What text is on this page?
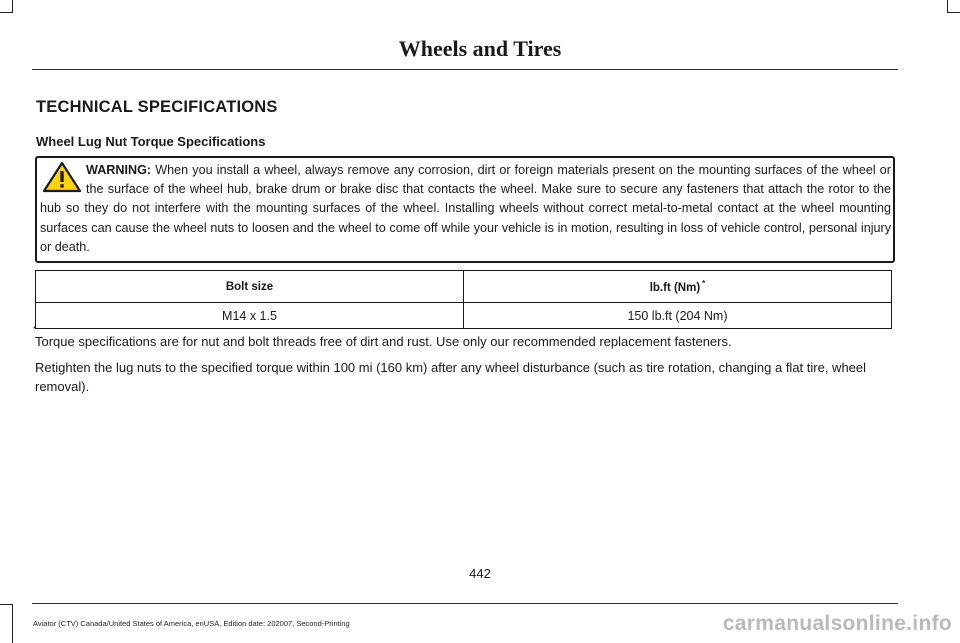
Wheels and Tires
TECHNICAL SPECIFICATIONS
Wheel Lug Nut Torque Specifications
WARNING: When you install a wheel, always remove any corrosion, dirt or foreign materials present on the mounting surfaces of the wheel or the surface of the wheel hub, brake drum or brake disc that contacts the wheel. Make sure to secure any fasteners that attach the rotor to the hub so they do not interfere with the mounting surfaces of the wheel. Installing wheels without correct metal-to-metal contact at the wheel mounting surfaces can cause the wheel nuts to loosen and the wheel to come off while your vehicle is in motion, resulting in loss of vehicle control, personal injury or death.
Bolt size	lb.ft (Nm) *
M14 x 1.5	150 lb.ft (204 Nm)
*
Torque specifications are for nut and bolt threads free of dirt and rust. Use only our recommended replacement fasteners.
Retighten the lug nuts to the specified torque within 100 mi (160 km) after any wheel disturbance (such as tire rotation, changing a flat tire, wheel removal).
442
Aviator (CTV) Canada/United States of America, enUSA, Edition date: 202007, Second-Printing	carmanualsonline.info
